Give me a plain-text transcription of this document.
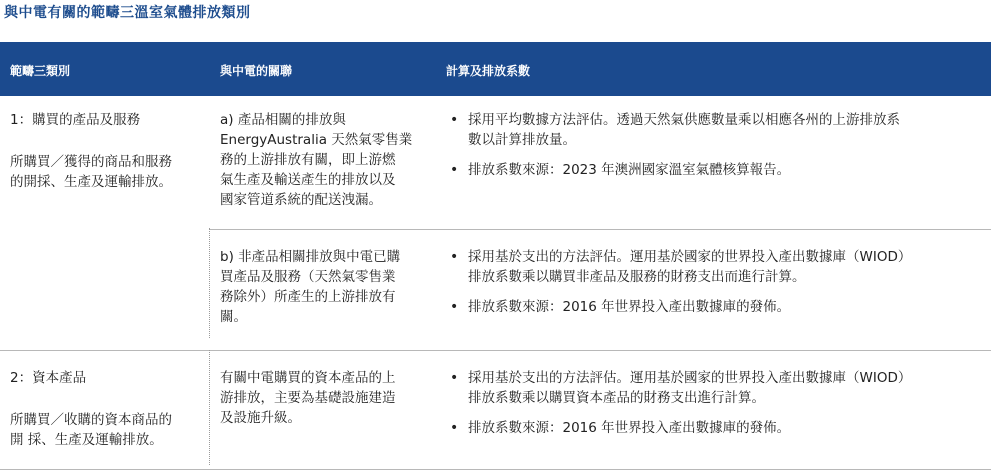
與中電有關的範疇三溫室氣體排放類別
範疇三類別	與中電的關聯	計算及排放系數
1：購買的產品及服務
所購買／獲得的商品和服務
的開採、生產及運輸排放。
a) 產品相關的排放與
EnergyAustralia 天然氣零售業
務的上游排放有關，即上游燃
氣生產及輸送產生的排放以及
國家管道系統的配送洩漏。
• 採用平均數據方法評估。透過天然氣供應數量乘以相應各州的上游排放系
數以計算排放量。
• 排放系數來源：2023 年澳洲國家溫室氣體核算報告。
b) 非產品相關排放與中電已購
買產品及服務（天然氣零售業
務除外）所產生的上游排放有
關。
• 採用基於支出的方法評估。運用基於國家的世界投入產出數據庫（WIOD）
排放系數乘以購買非產品及服務的財務支出而進行計算。
• 排放系數來源：2016 年世界投入產出數據庫的發佈。
2：資本產品
所購買／收購的資本商品的
開 採、生產及運輸排放。
有關中電購買的資本產品的上
游排放，主要為基礎設施建造
及設施升級。
• 採用基於支出的方法評估。運用基於國家的世界投入產出數據庫（WIOD）
排放系數乘以購買資本產品的財務支出進行計算。
• 排放系數來源：2016 年世界投入產出數據庫的發佈。
